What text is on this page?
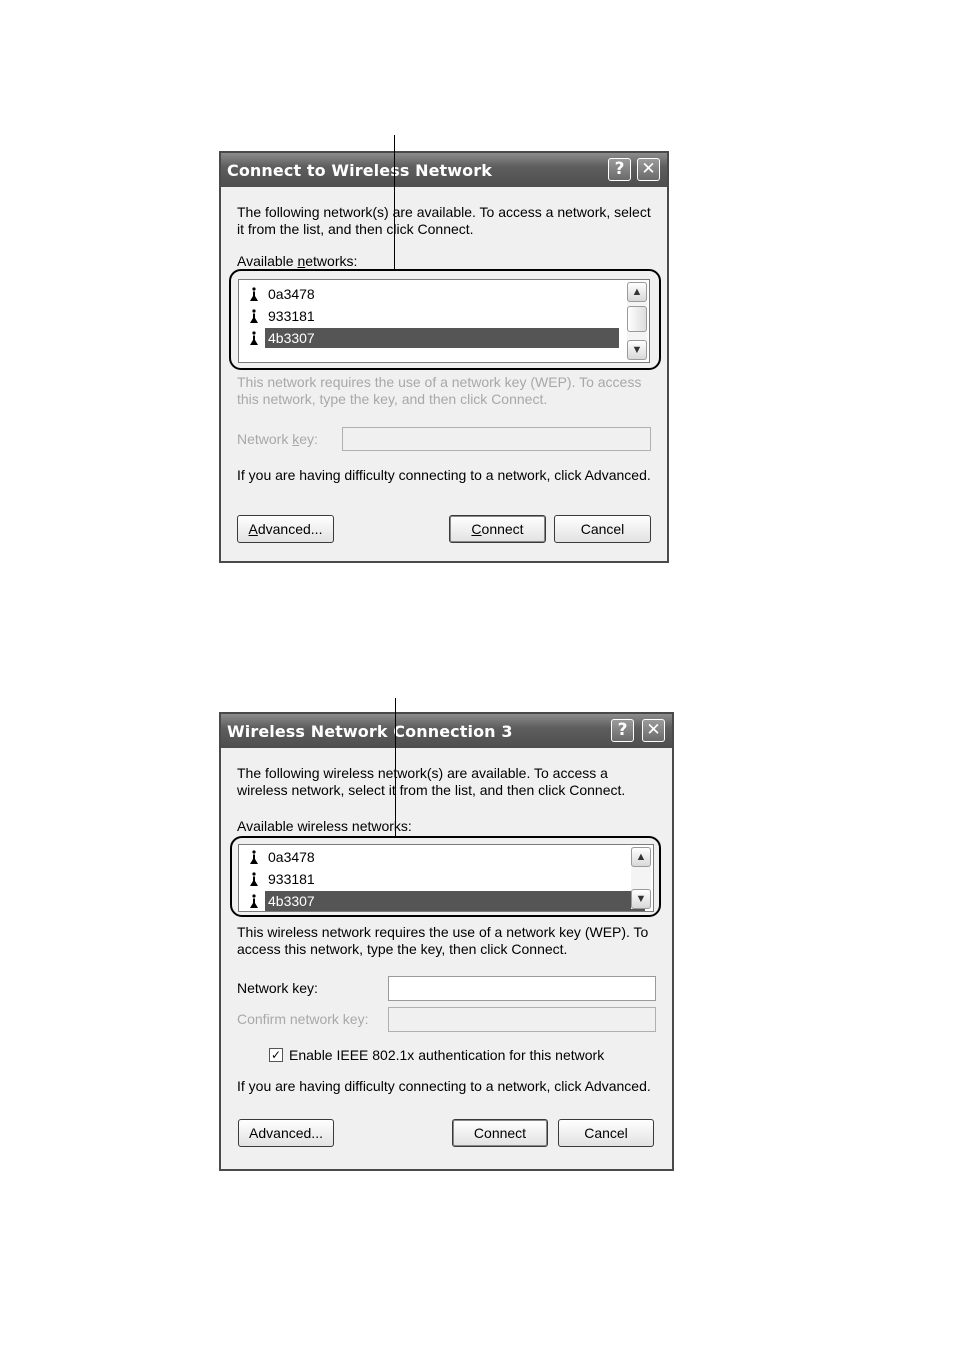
Connect to Wireless Network	? ✕
The following network(s) are available. To access a network, select
it from the list, and then click Connect.
Available networks:
0a3478
933181
4b3307
▲
▼
This network requires the use of a network key (WEP). To access
this network, type the key, and then click Connect.
Network key:
If you are having difficulty connecting to a network, click Advanced.
Advanced...	Connect	Cancel
Wireless Network Connection 3	?	✕
The following wireless network(s) are available. To access a
wireless network, select it from the list, and then click Connect.
Available wireless networks:
0a3478
933181
4b3307
▲
▼
This wireless network requires the use of a network key (WEP). To
access this network, type the key, then click Connect.
Network key:
Confirm network key:
✓ Enable IEEE 802.1x authentication for this network
If you are having difficulty connecting to a network, click Advanced.
Advanced...	Connect	Cancel
